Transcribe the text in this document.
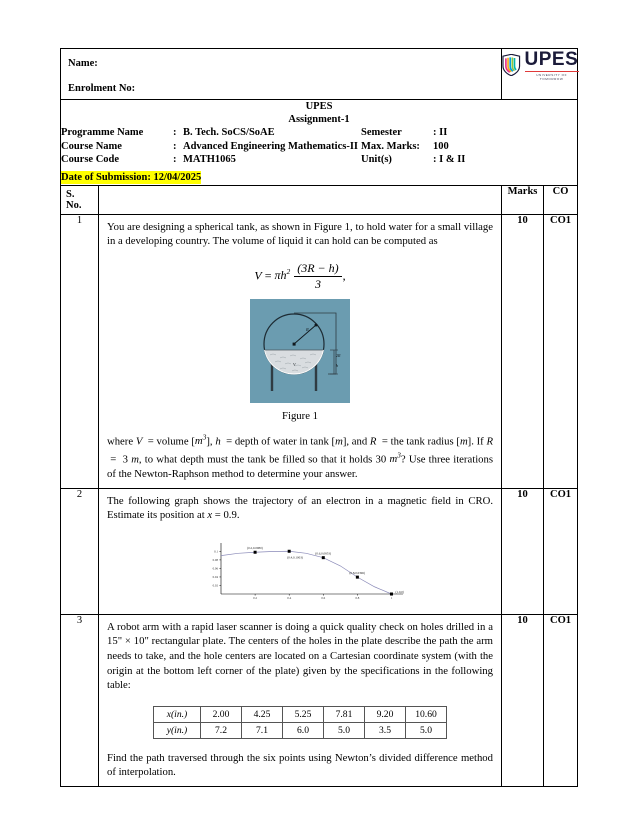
Name:
Enrolment No:

UPES
UNIVERSITY OF TOMORROW

UPES
Assignment-1
Programme Name	: B. Tech. SoCS/SoAE	Semester	: II
Course Name	: Advanced Engineering Mathematics-II Max. Marks:	100
Course Code	: MATH1065	Unit(s)	: I & II
Date of Submission: 12/04/2025

S.
No.
		Marks	CO
1	
You are designing a spherical tank, as shown in Figure 1, to hold water for a small village in a developing country. The volume of liquid it can hold can be computed as
$V = \pi h^2 \frac{(3R - h)}{3}$ ,
R
V
2R
h
Figure 1
where V  = volume $[m^3]$, h  = depth of water in tank [m], and R  = the tank radius [m]. If R  =  3 m, to what depth must the tank be filled so that it holds 30 $m^3$? Use three iterations of the Newton-Raphson method to determine your answer.
	10	CO1
2	
The following graph shows the trajectory of an electron in a magnetic field in CRO. Estimate its position at x = 0.9.
0.2	0.4	0.6	0.8	1
0.1
0.08
0.06
0.04
0.02
(0.2,0.0980)
(0.4,0.1003)
(0.6,0.0853)
(0.8,0.0396)
(1.0,0)
	10	CO1
3	
A robot arm with a rapid laser scanner is doing a quick quality check on holes drilled in a 15" × 10" rectangular plate. The centers of the holes in the plate describe the path the arm needs to take, and the hole centers are located on a Cartesian coordinate system (with the origin at the bottom left corner of the plate) given by the specifications in the following table:
x(in.)	2.00	4.25	5.25	7.81	9.20	10.60
y(in.)	7.2	7.1	6.0	5.0	3.5	5.0
Find the path traversed through the six points using Newton’s divided difference method of interpolation.
	10	CO1
